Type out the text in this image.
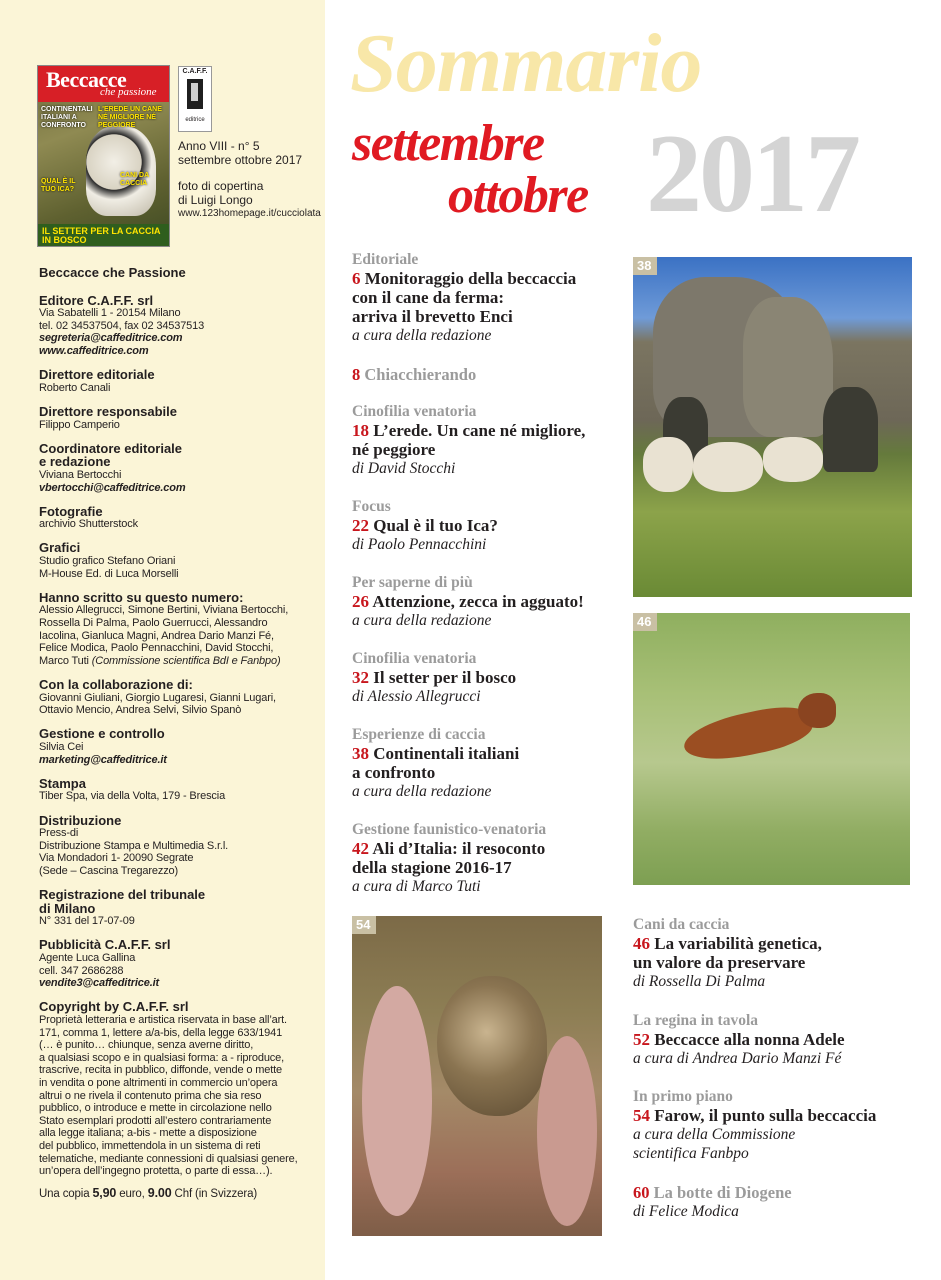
Beccacce
che passione
CONTINENTALI ITALIANI A CONFRONTO
L'EREDE UN CANE NÉ MIGLIORE NÉ PEGGIORE
QUAL È IL TUO ICA?
CANI DA CACCIA
IL SETTER PER LA CACCIA IN BOSCO
C.A.F.F.
editrice
Anno VIII - n° 5
settembre ottobre 2017
foto di copertina
di Luigi Longo
www.123homepage.it/cucciolata
Beccacce che Passione
Editore C.A.F.F. srl
Via Sabatelli 1 - 20154 Milano
tel. 02 34537504, fax 02 34537513
segreteria@caffeditrice.com
www.caffeditrice.com
Direttore editoriale
Roberto Canali
Direttore responsabile
Filippo Camperio
Coordinatore editoriale
e redazione
Viviana Bertocchi
vbertocchi@caffeditrice.com
Fotografie
archivio Shutterstock
Grafici
Studio grafico Stefano Oriani
M-House Ed. di Luca Morselli
Hanno scritto su questo numero:
Alessio Allegrucci, Simone Bertini, Viviana Bertocchi,
Rossella Di Palma, Paolo Guerrucci, Alessandro
Iacolina, Gianluca Magni, Andrea Dario Manzi Fé,
Felice Modica, Paolo Pennacchini, David Stocchi,
Marco Tuti (Commissione scientifica BdI e Fanbpo)
Con la collaborazione di:
Giovanni Giuliani, Giorgio Lugaresi, Gianni Lugari,
Ottavio Mencio, Andrea Selvi, Silvio Spanò
Gestione e controllo
Silvia Cei
marketing@caffeditrice.it
Stampa
Tiber Spa, via della Volta, 179 - Brescia
Distribuzione
Press-di
Distribuzione Stampa e Multimedia S.r.l.
Via Mondadori 1- 20090 Segrate
(Sede – Cascina Tregarezzo)
Registrazione del tribunale
di Milano
N° 331 del 17-07-09
Pubblicità C.A.F.F. srl
Agente Luca Gallina
cell. 347 2686288
vendite3@caffeditrice.it
Copyright by C.A.F.F. srl
Proprietà letteraria e artistica riservata in base all’art.
171, comma 1, lettere a/a-bis, della legge 633/1941
(… è punito… chiunque, senza averne diritto,
a qualsiasi scopo e in qualsiasi forma: a - riproduce,
trascrive, recita in pubblico, diffonde, vende o mette
in vendita o pone altrimenti in commercio un’opera
altrui o ne rivela il contenuto prima che sia reso
pubblico, o introduce e mette in circolazione nello
Stato esemplari prodotti all’estero contrariamente
alla legge italiana; a-bis - mette a disposizione
del pubblico, immettendola in un sistema di reti
telematiche, mediante connessioni di qualsiasi genere,
un’opera dell’ingegno protetta, o parte di essa…).
Una copia 5,90 euro, 9.00 Chf (in Svizzera)
Sommario
settembre
ottobre 2017
Editoriale
6 Monitoraggio della beccaccia
con il cane da ferma:
arriva il brevetto Enci
a cura della redazione
8 Chiacchierando
Cinofilia venatoria
18 L’erede. Un cane né migliore,
né peggiore
di David Stocchi
Focus
22 Qual è il tuo Ica?
di Paolo Pennacchini
Per saperne di più
26 Attenzione, zecca in agguato!
a cura della redazione
Cinofilia venatoria
32 Il setter per il bosco
di Alessio Allegrucci
Esperienze di caccia
38 Continentali italiani
a confronto
a cura della redazione
Gestione faunistico-venatoria
42 Ali d’Italia: il resoconto
della stagione 2016-17
a cura di Marco Tuti
Cani da caccia
46 La variabilità genetica,
un valore da preservare
di Rossella Di Palma
La regina in tavola
52 Beccacce alla nonna Adele
a cura di Andrea Dario Manzi Fé
In primo piano
54 Farow, il punto sulla beccaccia
a cura della Commissione
scientifica Fanbpo
60 La botte di Diogene
di Felice Modica
38
46
54
